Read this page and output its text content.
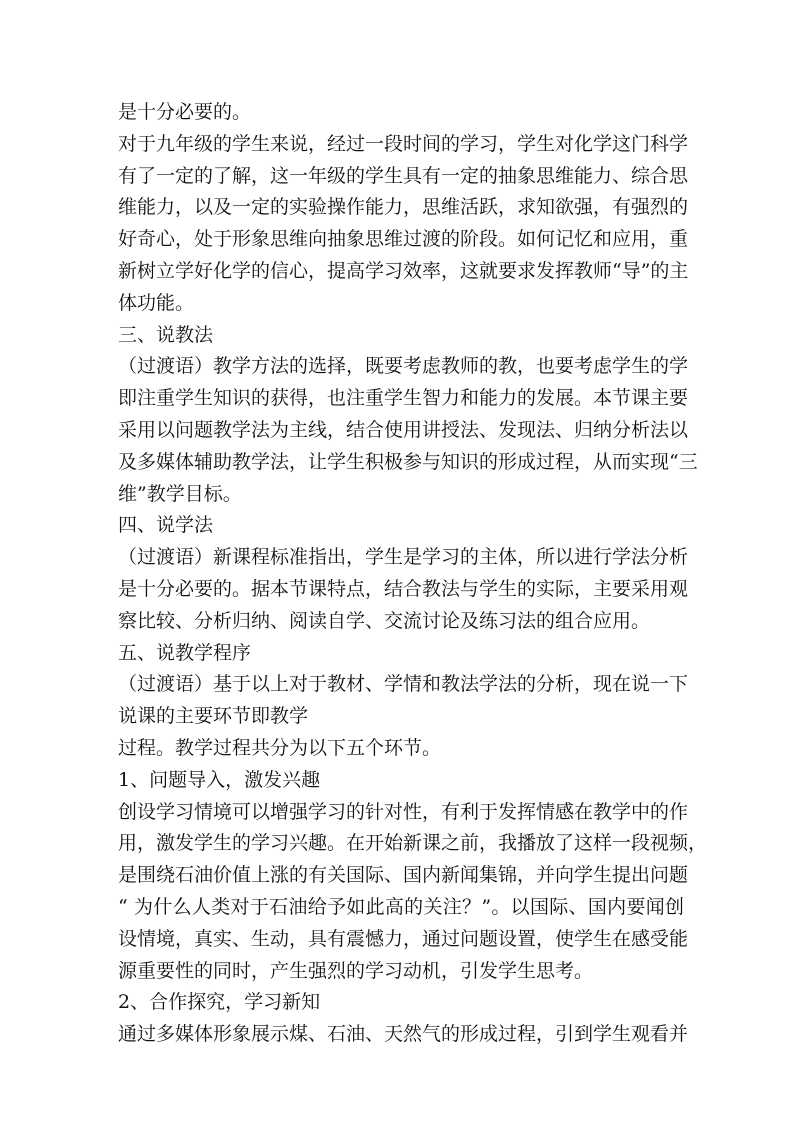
是十分必要的。
对于九年级的学生来说，经过一段时间的学习，学生对化学这门科学
有了一定的了解，这一年级的学生具有一定的抽象思维能力、综合思
维能力，以及一定的实验操作能力，思维活跃，求知欲强，有强烈的
好奇心，处于形象思维向抽象思维过渡的阶段。如何记忆和应用，重
新树立学好化学的信心，提高学习效率，这就要求发挥教师“导”的主
体功能。
三、说教法
（过渡语）教学方法的选择，既要考虑教师的教，也要考虑学生的学
即注重学生知识的获得，也注重学生智力和能力的发展。本节课主要
采用以问题教学法为主线，结合使用讲授法、发现法、归纳分析法以
及多媒体辅助教学法，让学生积极参与知识的形成过程，从而实现“三
维”教学目标。
四、说学法
（过渡语）新课程标准指出，学生是学习的主体，所以进行学法分析
是十分必要的。据本节课特点，结合教法与学生的实际，主要采用观
察比较、分析归纳、阅读自学、交流讨论及练习法的组合应用。
五、说教学程序
（过渡语）基于以上对于教材、学情和教法学法的分析，现在说一下
说课的主要环节即教学
过程。教学过程共分为以下五个环节。
1、问题导入，激发兴趣
创设学习情境可以增强学习的针对性，有利于发挥情感在教学中的作
用，激发学生的学习兴趣。在开始新课之前，我播放了这样一段视频，
是围绕石油价值上涨的有关国际、国内新闻集锦，并向学生提出问题
“ 为什么人类对于石油给予如此高的关注？”。以国际、国内要闻创
设情境，真实、生动，具有震憾力，通过问题设置，使学生在感受能
源重要性的同时，产生强烈的学习动机，引发学生思考。
2、合作探究，学习新知
通过多媒体形象展示煤、石油、天然气的形成过程，引到学生观看并
